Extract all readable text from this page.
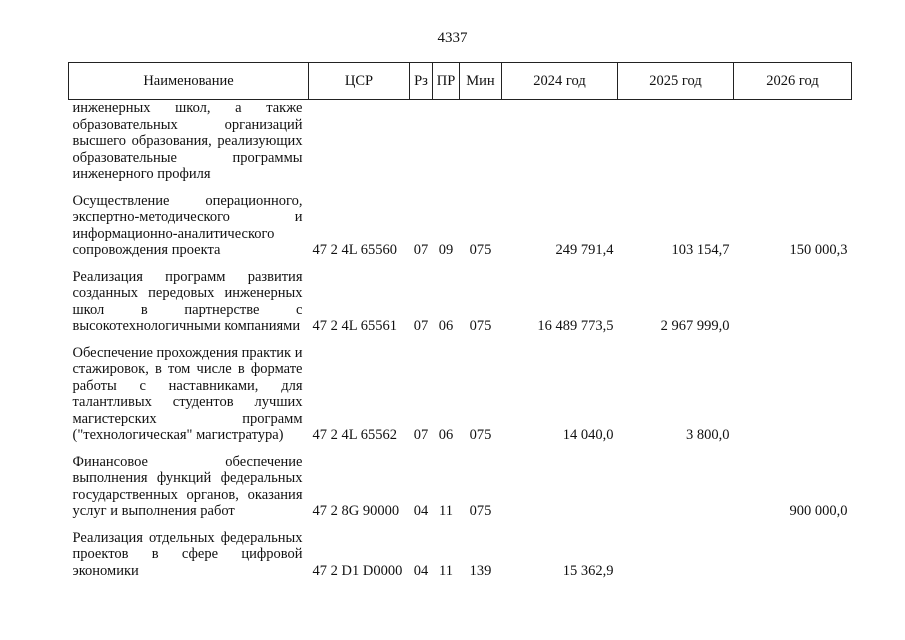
4337
Наименование	ЦСР	Рз	ПР	Мин	2024 год	2025 год	2026 год
инженерных школ, а также образовательных организаций высшего образования, реализующих образовательные программы инженерного профиля							

Осуществление операционного, экспертно-методического и информационно-аналитического сопровождения проекта	47 2 4L 65560	07	09	075	249 791,4	103 154,7	150 000,3

Реализация программ развития созданных передовых инженерных школ в партнерстве с высокотехнологичными компаниями	47 2 4L 65561	07	06	075	16 489 773,5	2 967 999,0	

Обеспечение прохождения практик и стажировок, в том числе в формате работы с наставниками, для талантливых студентов лучших магистерских программ ("технологическая" магистратура)	47 2 4L 65562	07	06	075	14 040,0	3 800,0	

Финансовое обеспечение выполнения функций федеральных государственных органов, оказания услуг и выполнения работ	47 2 8G 90000	04	11	075			900 000,0

Реализация отдельных федеральных проектов в сфере цифровой экономики	47 2 D1 D0000	04	11	139	15 362,9		
